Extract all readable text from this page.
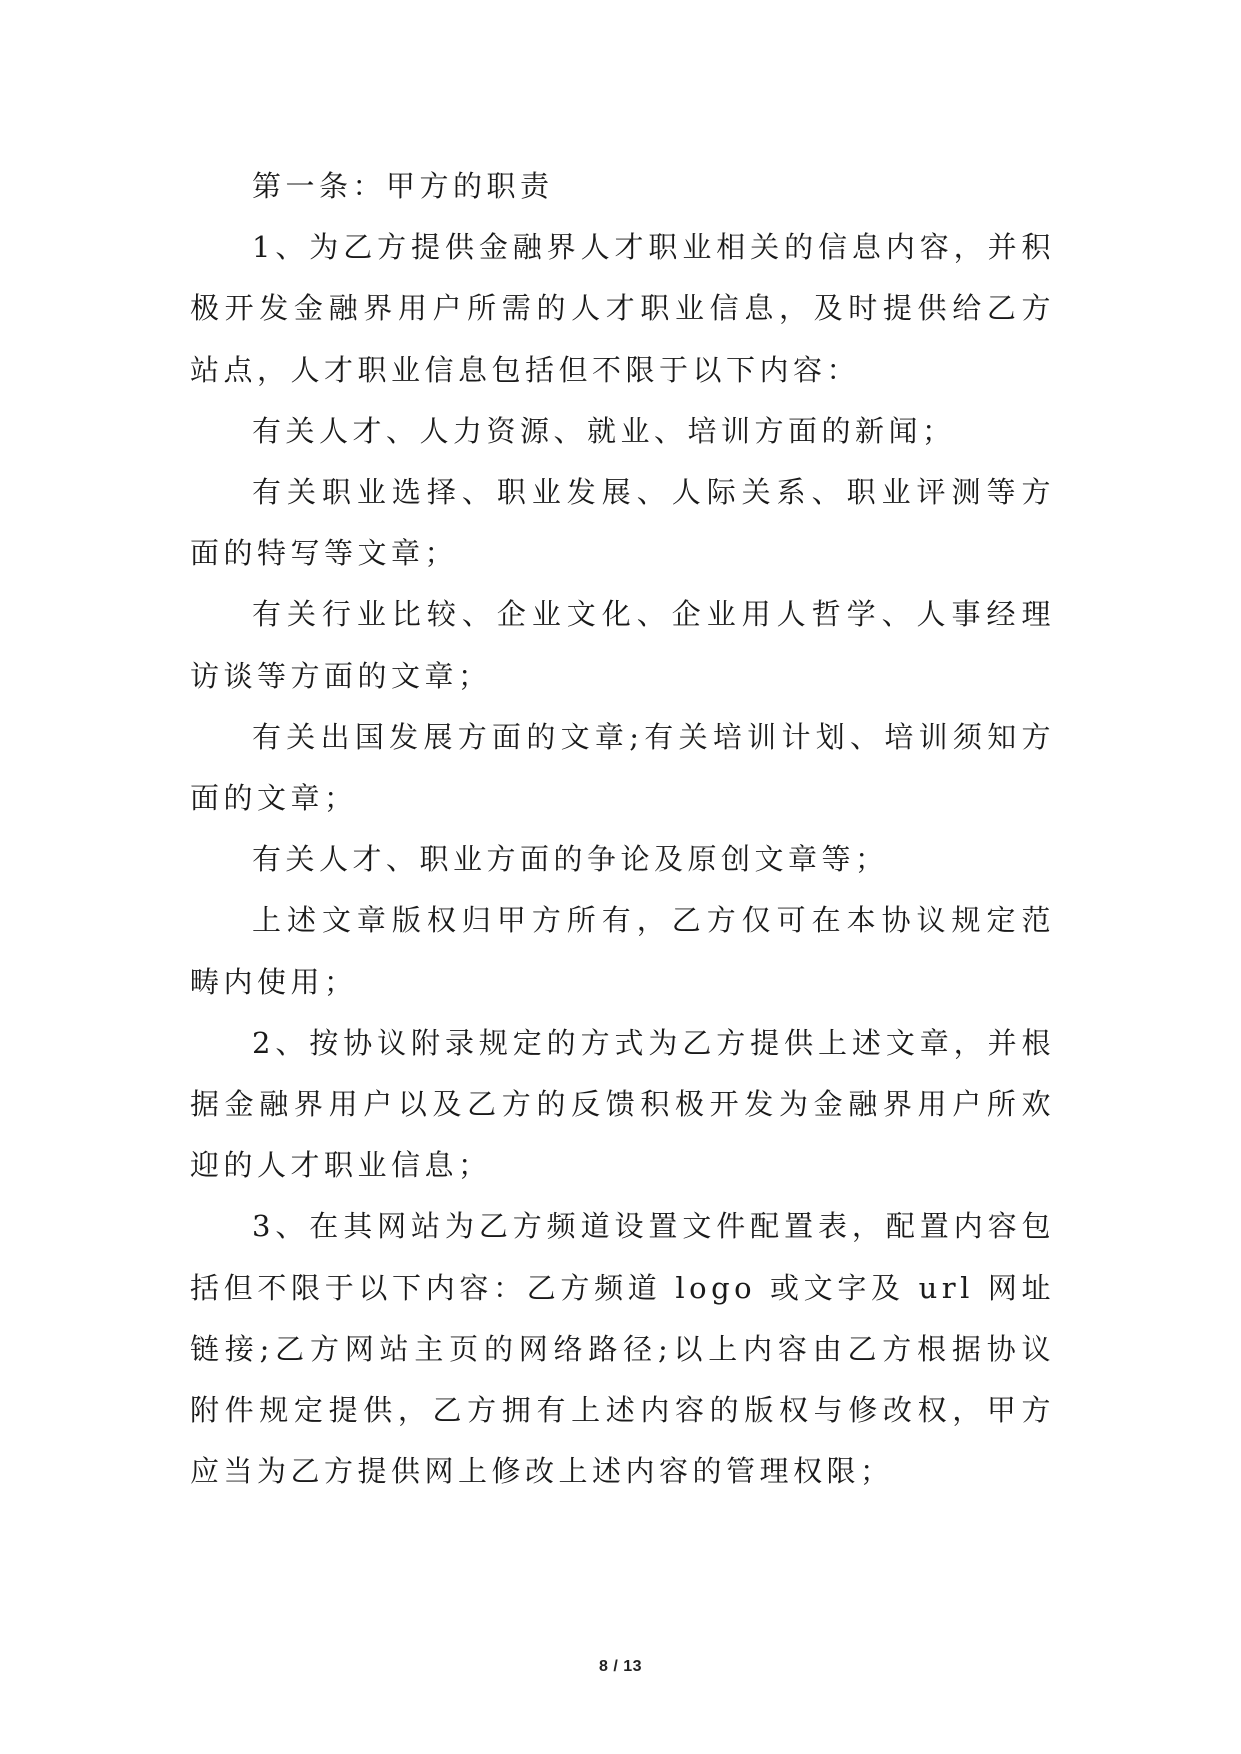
第一条：甲方的职责

1、为乙方提供金融界人才职业相关的信息内容，并积极开发金融界用户所需的人才职业信息，及时提供给乙方站点，人才职业信息包括但不限于以下内容：

有关人才、人力资源、就业、培训方面的新闻；

有关职业选择、职业发展、人际关系、职业评测等方面的特写等文章；

有关行业比较、企业文化、企业用人哲学、人事经理访谈等方面的文章；

有关出国发展方面的文章;有关培训计划、培训须知方面的文章；

有关人才、职业方面的争论及原创文章等；

上述文章版权归甲方所有，乙方仅可在本协议规定范畴内使用；

2、按协议附录规定的方式为乙方提供上述文章，并根据金融界用户以及乙方的反馈积极开发为金融界用户所欢迎的人才职业信息；

3、在其网站为乙方频道设置文件配置表，配置内容包括但不限于以下内容：乙方频道 logo 或文字及 url 网址链接;乙方网站主页的网络路径;以上内容由乙方根据协议附件规定提供，乙方拥有上述内容的版权与修改权，甲方应当为乙方提供网上修改上述内容的管理权限；

8 / 13
